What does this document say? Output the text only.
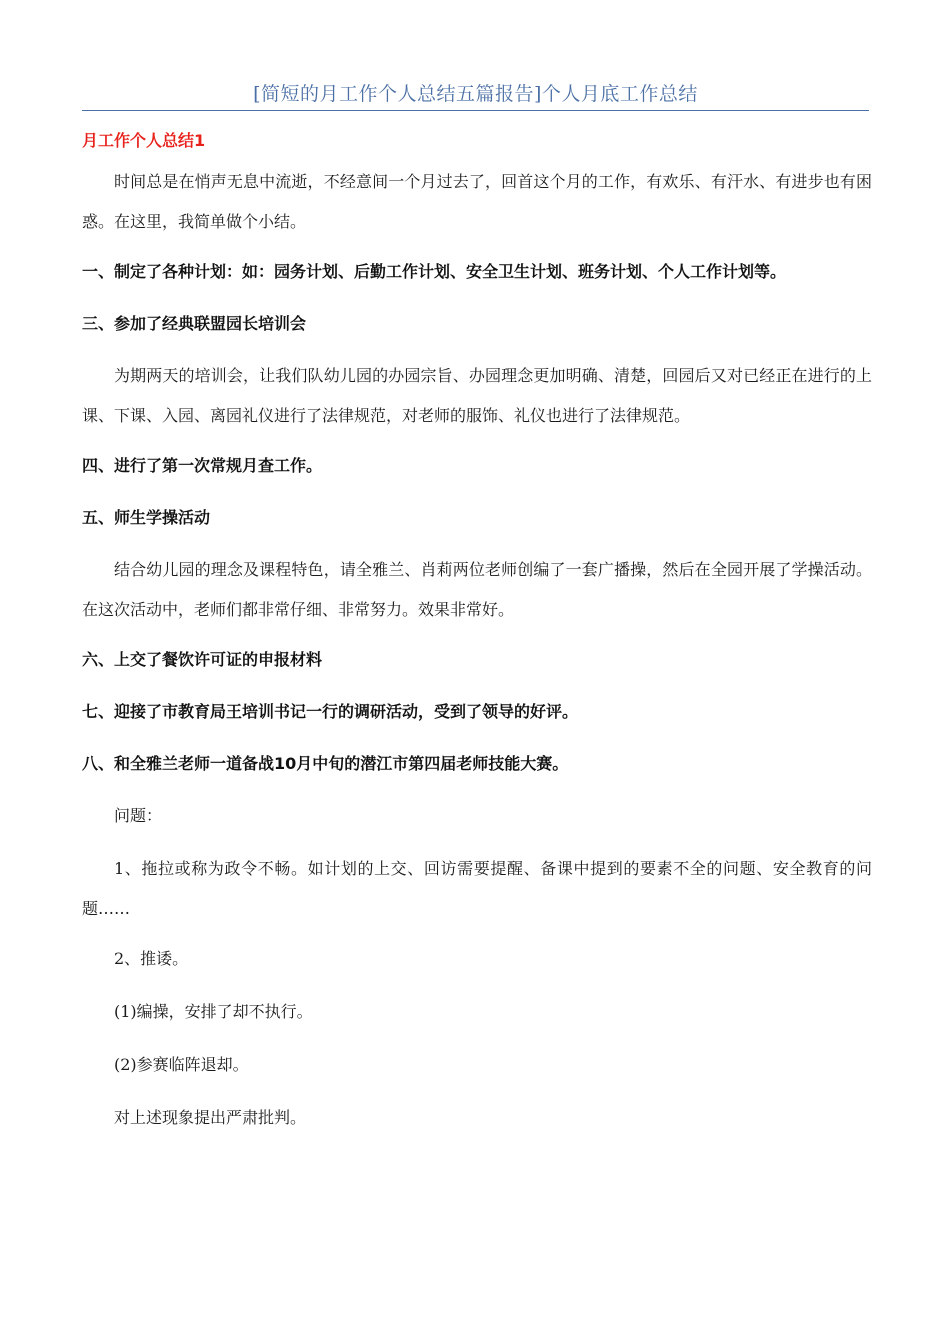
[简短的月工作个人总结五篇报告]个人月底工作总结
月工作个人总结1

时间总是在悄声无息中流逝，不经意间一个月过去了，回首这个月的工作，有欢乐、有汗水、有进步也有困惑。在这里，我简单做个小结。

一、制定了各种计划：如：园务计划、后勤工作计划、安全卫生计划、班务计划、个人工作计划等。

三、参加了经典联盟园长培训会

为期两天的培训会，让我们队幼儿园的办园宗旨、办园理念更加明确、清楚，回园后又对已经正在进行的上课、下课、入园、离园礼仪进行了法律规范，对老师的服饰、礼仪也进行了法律规范。

四、进行了第一次常规月查工作。

五、师生学操活动

结合幼儿园的理念及课程特色，请全雅兰、肖莉两位老师创编了一套广播操，然后在全园开展了学操活动。在这次活动中，老师们都非常仔细、非常努力。效果非常好。

六、上交了餐饮许可证的申报材料

七、迎接了市教育局王培训书记一行的调研活动，受到了领导的好评。

八、和全雅兰老师一道备战10月中旬的潜江市第四届老师技能大赛。

问题：

1、拖拉或称为政令不畅。如计划的上交、回访需要提醒、备课中提到的要素不全的问题、安全教育的问题……

2、推诿。

(1)编操，安排了却不执行。

(2)参赛临阵退却。

对上述现象提出严肃批判。
